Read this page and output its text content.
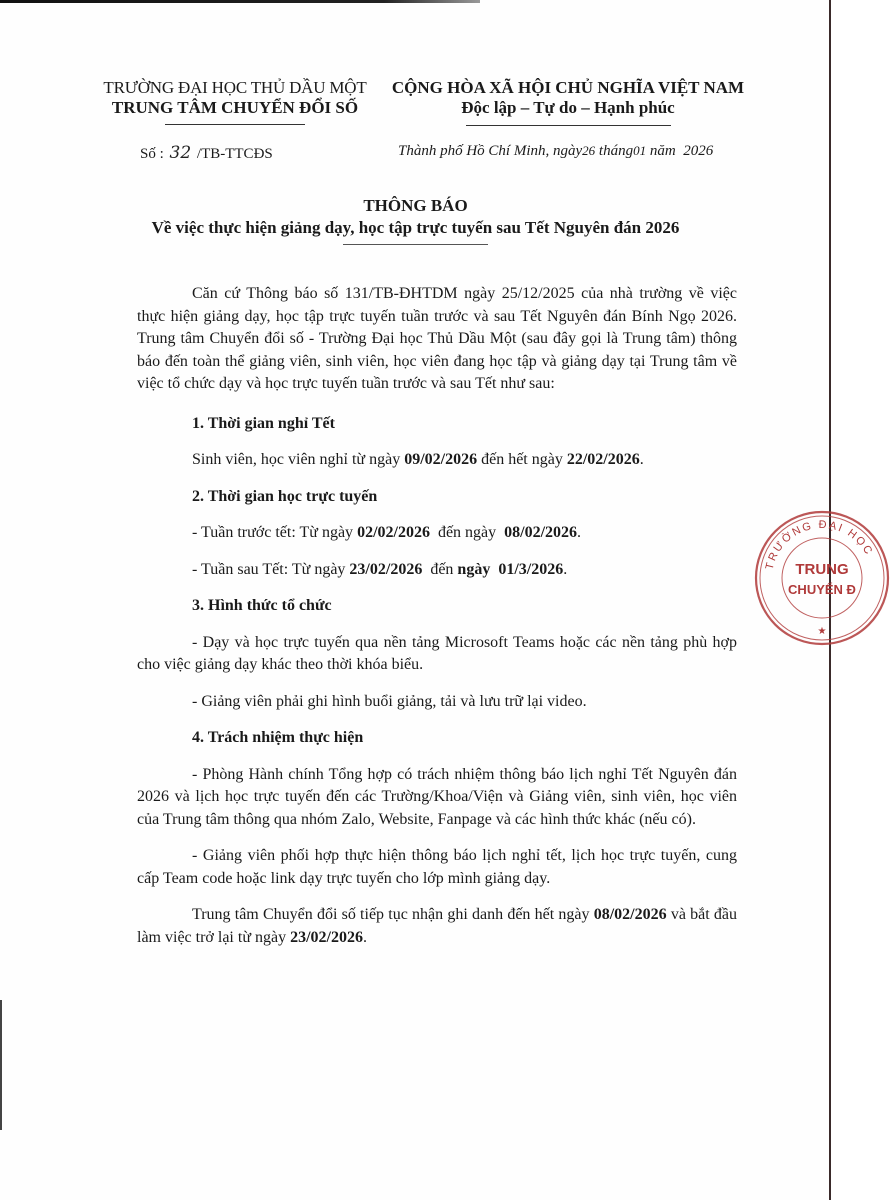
TRƯỜNG ĐẠI HỌC THỦ DẦU MỘT
TRUNG TÂM CHUYỂN ĐỔI SỐ
Số : 32 /TB-TTCĐS
CỘNG HÒA XÃ HỘI CHỦ NGHĨA VIỆT NAM
Độc lập – Tự do – Hạnh phúc
Thành phố Hồ Chí Minh, ngày26 tháng01 năm 2026
THÔNG BÁO
Về việc thực hiện giảng dạy, học tập trực tuyến sau Tết Nguyên đán 2026

Căn cứ Thông báo số 131/TB-ĐHTDM ngày 25/12/2025 của nhà trường về việc thực hiện giảng dạy, học tập trực tuyến tuần trước và sau Tết Nguyên đán Bính Ngọ 2026. Trung tâm Chuyển đổi số - Trường Đại học Thủ Dầu Một (sau đây gọi là Trung tâm) thông báo đến toàn thể giảng viên, sinh viên, học viên đang học tập và giảng dạy tại Trung tâm về việc tổ chức dạy và học trực tuyến tuần trước và sau Tết như sau:

1. Thời gian nghỉ Tết

Sinh viên, học viên nghỉ từ ngày 09/02/2026 đến hết ngày 22/02/2026.

2. Thời gian học trực tuyến

- Tuần trước tết: Từ ngày 02/02/2026  đến ngày  08/02/2026.

- Tuần sau Tết: Từ ngày 23/02/2026  đến ngày  01/3/2026.

3. Hình thức tổ chức

- Dạy và học trực tuyến qua nền tảng Microsoft Teams hoặc các nền tảng phù hợp cho việc giảng dạy khác theo thời khóa biểu.

- Giảng viên phải ghi hình buổi giảng, tải và lưu trữ lại video.

4. Trách nhiệm thực hiện

- Phòng Hành chính Tổng hợp có trách nhiệm thông báo lịch nghỉ Tết Nguyên đán 2026 và lịch học trực tuyến đến các Trường/Khoa/Viện và Giảng viên, sinh viên, học viên của Trung tâm thông qua nhóm Zalo, Website, Fanpage và các hình thức khác (nếu có).

- Giảng viên phối hợp thực hiện thông báo lịch nghỉ tết, lịch học trực tuyến, cung cấp Team code hoặc link dạy trực tuyến cho lớp mình giảng dạy.

Trung tâm Chuyển đổi số tiếp tục nhận ghi danh đến hết ngày 08/02/2026 và bắt đầu làm việc trở lại từ ngày 23/02/2026.

TRƯỜNG ĐẠI HỌC
TRUNG
CHUYỂN Đ
★
